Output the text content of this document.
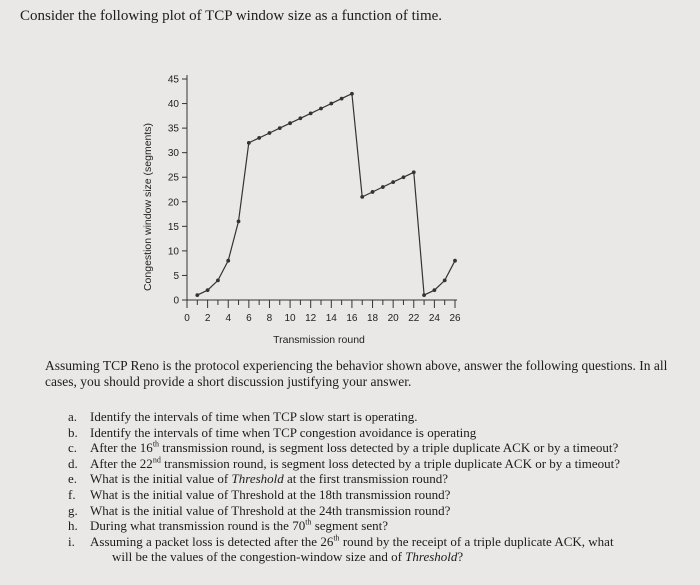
Consider the following plot of TCP window size as a function of time.
0
5
10
15
20
25
30
35
40
45
0 2 4 6 8 10 12 14 16 18 20 22 24 26
Congestion window size (segments)
Transmission round
Assuming TCP Reno is the protocol experiencing the behavior shown above, answer the following questions. In all cases, you should provide a short discussion justifying your answer.
a. Identify the intervals of time when TCP slow start is operating.
b. Identify the intervals of time when TCP congestion avoidance is operating
c. After the 16th transmission round, is segment loss detected by a triple duplicate ACK or by a timeout?
d. After the 22nd transmission round, is segment loss detected by a triple duplicate ACK or by a timeout?
e. What is the initial value of Threshold at the first transmission round?
f.	What is the initial value of Threshold at the 18th transmission round?
g. What is the initial value of Threshold at the 24th transmission round?
h. During what transmission round is the 70th segment sent?
i.	Assuming a packet loss is detected after the 26th round by the receipt of a triple duplicate ACK, what
will be the values of the congestion-window size and of Threshold?
